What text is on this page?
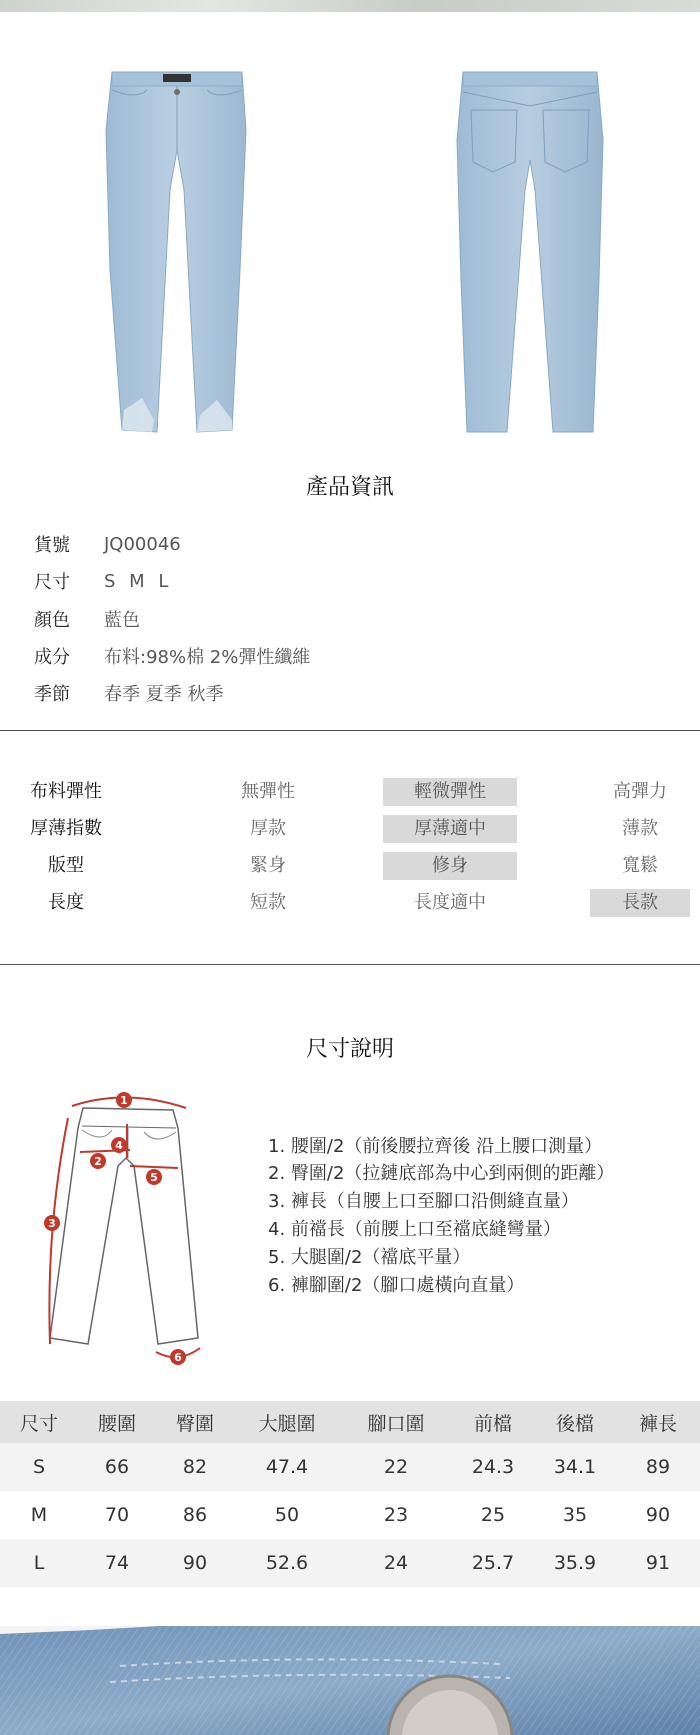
產品資訊
貨號	JQ00046
尺寸	S M L
顏色	藍色
成分	布料:98%棉 2%彈性纖維
季節	春季 夏季 秋季
布料彈性	無彈性	輕微彈性	高彈力
厚薄指數	厚款	厚薄適中	薄款
版型	緊身	修身	寬鬆
長度	短款	長度適中	長款
尺寸說明
1
2
3
4
5
6
1. 腰圍/2（前後腰拉齊後 沿上腰口測量）
2. 臀圍/2（拉鏈底部為中心到兩側的距離）
3. 褲長（自腰上口至腳口沿側縫直量）
4. 前襠長（前腰上口至襠底縫彎量）
5. 大腿圍/2（襠底平量）
6. 褲腳圍/2（腳口處橫向直量）
尺寸	腰圍	臀圍	大腿圍	腳口圍	前檔	後檔	褲長
S	66	82	47.4	22	24.3	34.1	89
M	70	86	50	23	25	35	90
L	74	90	52.6	24	25.7	35.9	91
